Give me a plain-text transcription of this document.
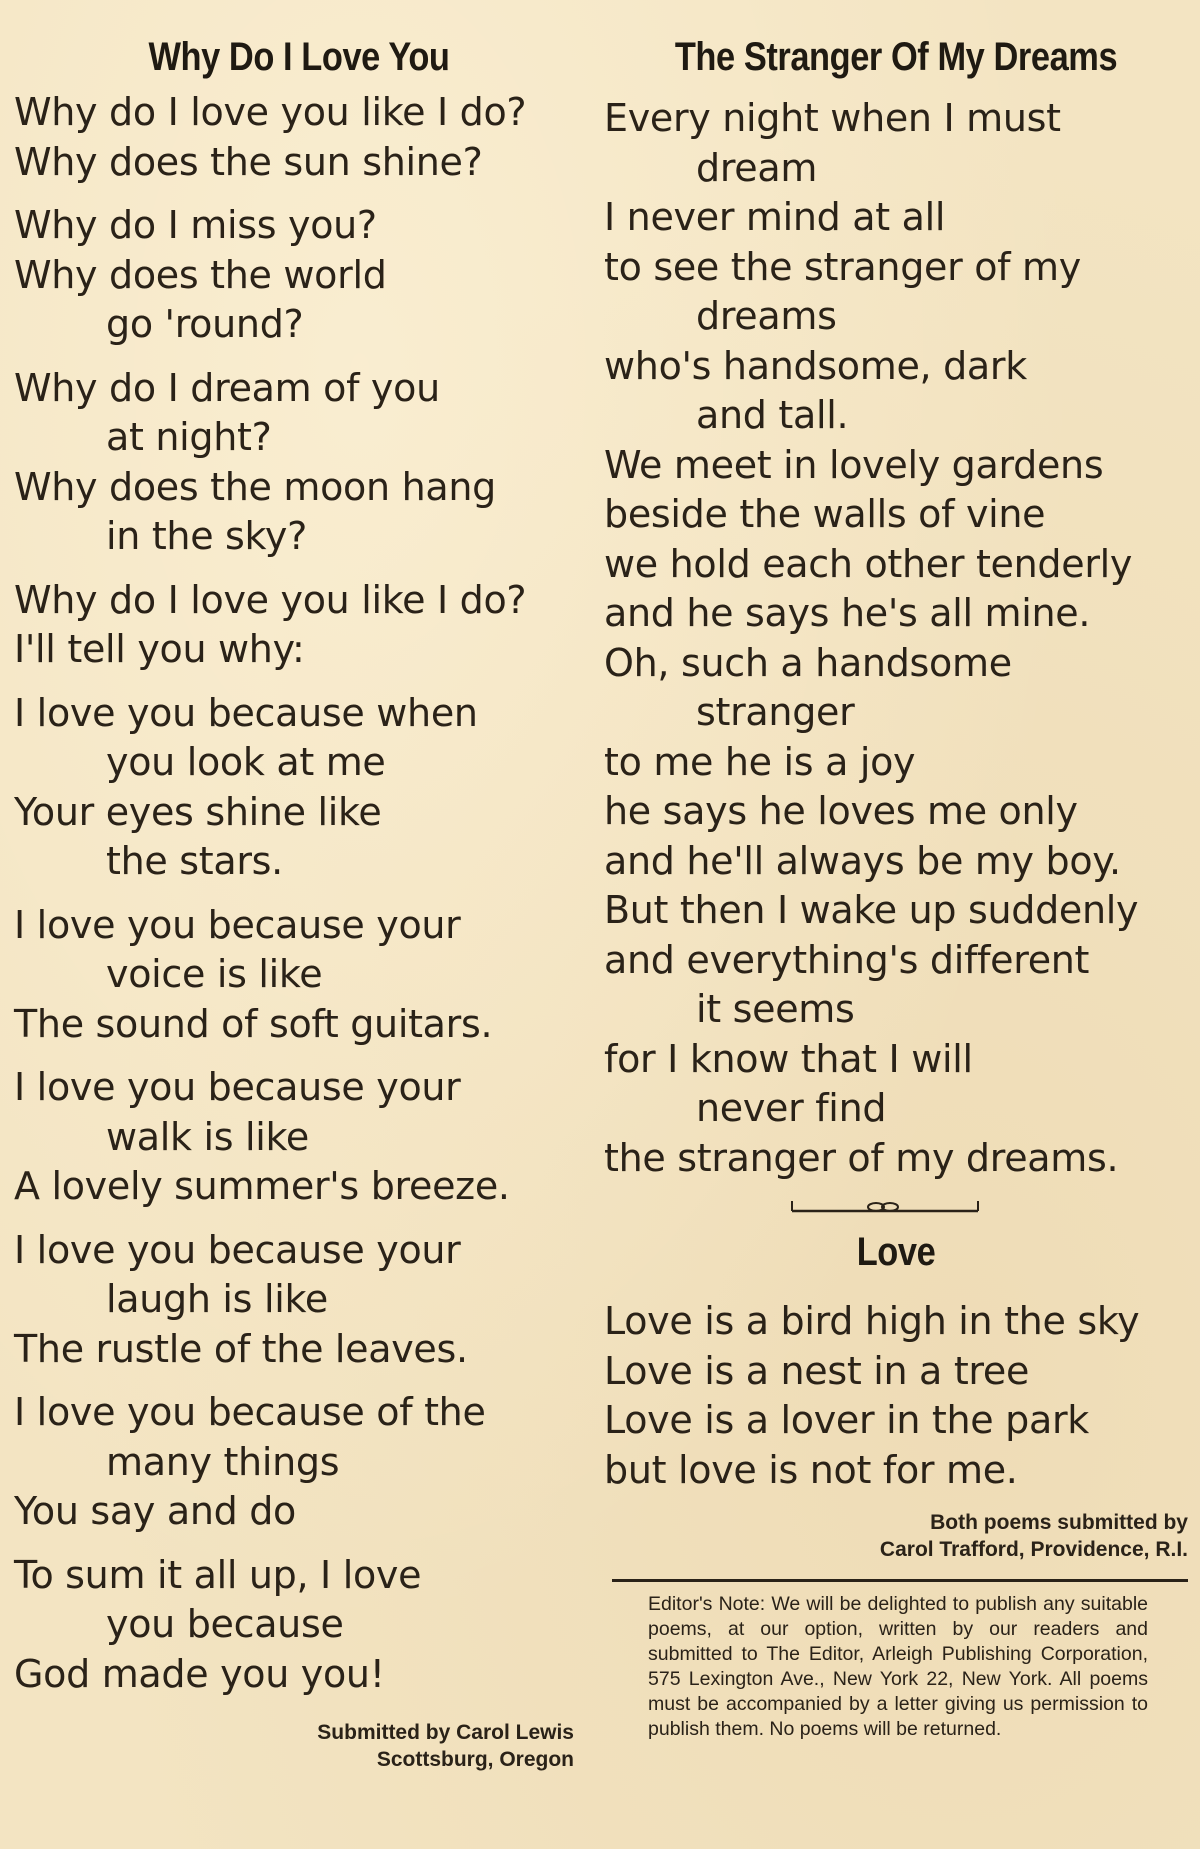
Why Do I Love You
Why do I love you like I do?
Why does the sun shine?
Why do I miss you?
Why does the world
go 'round?
Why do I dream of you
at night?
Why does the moon hang
in the sky?
Why do I love you like I do?
I'll tell you why:
I love you because when
you look at me
Your eyes shine like
the stars.
I love you because your
voice is like
The sound of soft guitars.
I love you because your
walk is like
A lovely summer's breeze.
I love you because your
laugh is like
The rustle of the leaves.
I love you because of the
many things
You say and do
To sum it all up, I love
you because
God made you you!
Submitted by Carol Lewis
Scottsburg, Oregon
The Stranger Of My Dreams
Every night when I must
dream
I never mind at all
to see the stranger of my
dreams
who's handsome, dark
and tall.
We meet in lovely gardens
beside the walls of vine
we hold each other tenderly
and he says he's all mine.
Oh, such a handsome
stranger
to me he is a joy
he says he loves me only
and he'll always be my boy.
But then I wake up suddenly
and everything's different
it seems
for I know that I will
never find
the stranger of my dreams.
Love
Love is a bird high in the sky
Love is a nest in a tree
Love is a lover in the park
but love is not for me.
Both poems submitted by
Carol Trafford, Providence, R.I.
Editor's Note: We will be delighted to publish any suitable poems, at our option, written by our readers and submitted to The Editor, Arleigh Publishing Corporation, 575 Lexington Ave., New York 22, New York. All poems must be accompanied by a letter giving us permission to publish them. No poems will be returned.
